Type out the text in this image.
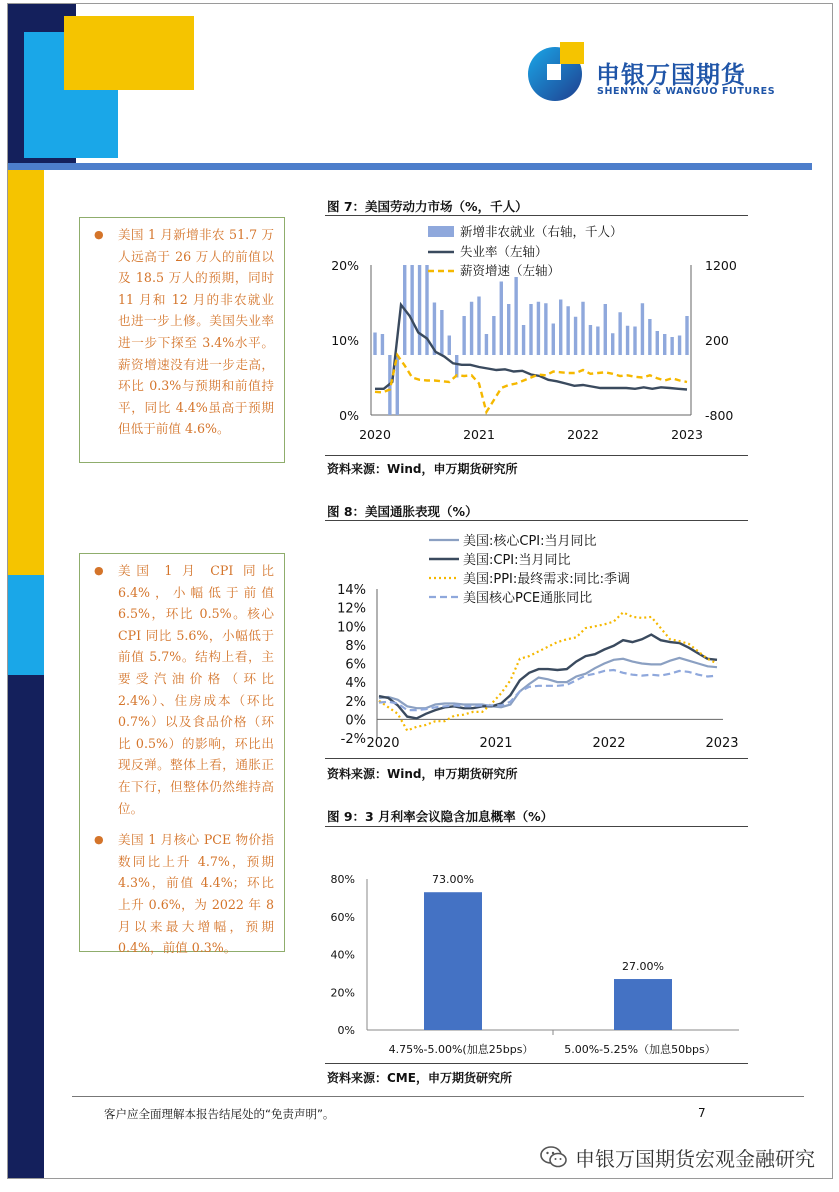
申银万国期货
SHENYIN & WANGUO FUTURES

● 美国 1 月新增非农 51.7 万人远高于 26 万人的前值以及 18.5 万人的预期，同时 11 月和 12 月的非农就业也进一步上修。美国失业率进一步下探至 3.4%水平。薪资增速没有进一步走高，环比 0.3%与预期和前值持平，同比 4.4%虽高于预期但低于前值 4.6%。

● 美国 1 月 CPI 同比 6.4%，小幅低于前值 6.5%，环比 0.5%。核心 CPI 同比 5.6%，小幅低于前值 5.7%。结构上看，主要受汽油价格（环比 2.4%）、住房成本（环比 0.7%）以及食品价格（环比 0.5%）的影响，环比出现反弹。整体上看，通胀正在下行，但整体仍然维持高位。

● 美国 1 月核心 PCE 物价指数同比上升 4.7%，预期 4.3%，前值 4.4%；环比上升 0.6%，为 2022 年 8 月以来最大增幅，预期 0.4%，前值 0.3%。

图 7：美国劳动力市场（%，千人）
0%
10%
20%
-800
200
1200
2020	2021	2022	2023
新增非农就业（右轴，千人）
失业率（左轴）
薪资增速（左轴）
资料来源：Wind，申万期货研究所
图 8：美国通胀表现（%）
-2%
0%
2%
4%
6%
8%
10%
12%
14%
2020	2021	2022	2023
美国:核心CPI:当月同比
美国:CPI:当月同比
美国:PPI:最终需求:同比:季调
美国核心PCE通胀同比
资料来源：Wind，申万期货研究所
图 9：3 月利率会议隐含加息概率（%）
0%
20%
40%
60%
80%	73.00%
4.75%-5.00%(加息25bps）
27.00%
5.00%-5.25%（加息50bps）
资料来源：CME，申万期货研究所
客户应全面理解本报告结尾处的“免责声明”。	7
申银万国期货宏观金融研究
